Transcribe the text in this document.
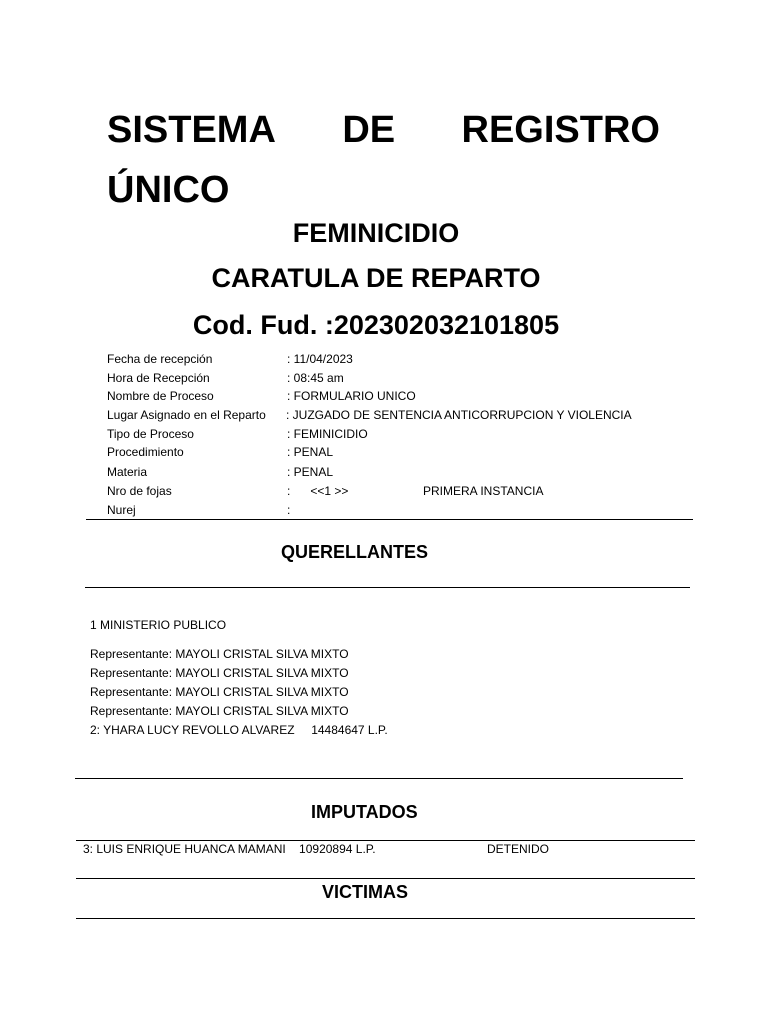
SISTEMA DE REGISTRO
ÚNICO
FEMINICIDIO
CARATULA DE REPARTO
Cod. Fud. :202302032101805
Fecha de recepción	: 11/04/2023
Hora de Recepción	: 08:45 am
Nombre de Proceso	: FORMULARIO UNICO
Lugar Asignado en el Reparto : JUZGADO DE SENTENCIA ANTICORRUPCION Y VIOLENCIA
Tipo de Proceso	: FEMINICIDIO
Procedimiento	: PENAL
Materia	: PENAL
Nro de fojas	:      <<1 >>	PRIMERA INSTANCIA
Nurej	:
QUERELLANTES
1 MINISTERIO PUBLICO
Representante: MAYOLI CRISTAL SILVA MIXTO
Representante: MAYOLI CRISTAL SILVA MIXTO
Representante: MAYOLI CRISTAL SILVA MIXTO
Representante: MAYOLI CRISTAL SILVA MIXTO
2: YHARA LUCY REVOLLO ALVAREZ     14484647 L.P.
IMPUTADOS
3: LUIS ENRIQUE HUANCA MAMANI    10920894 L.P.	DETENIDO
VICTIMAS
